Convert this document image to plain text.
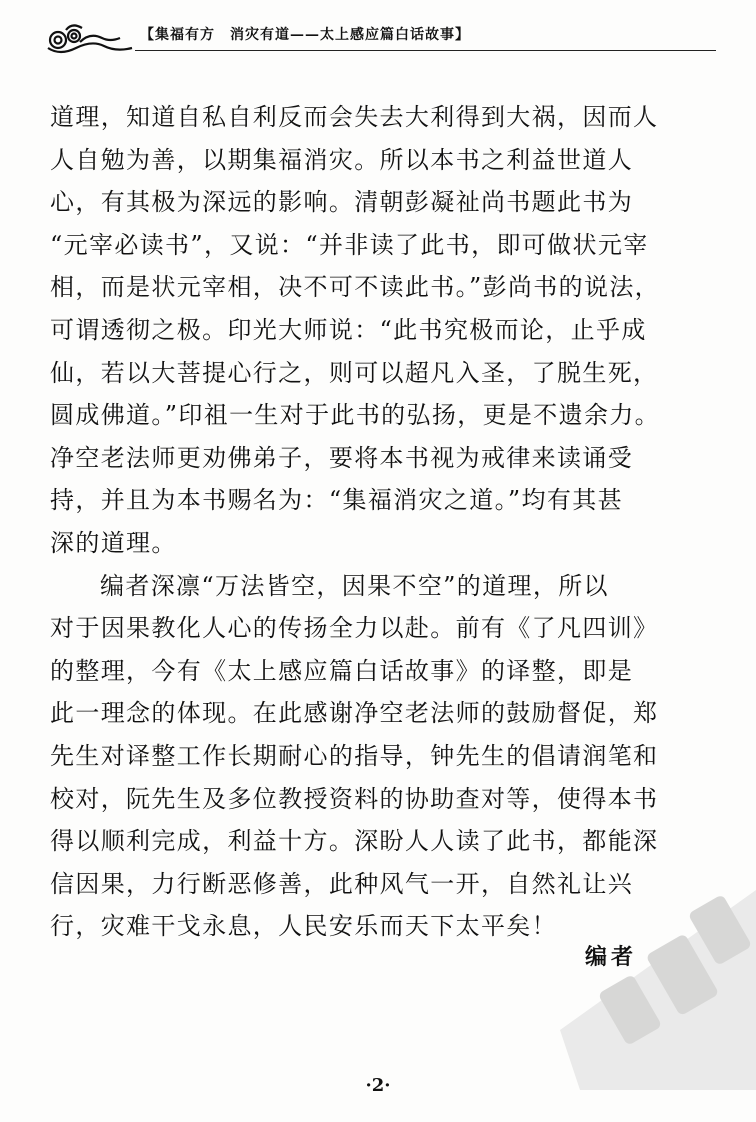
【集福有方　消灾有道——太上感应篇白话故事】
道理，知道自私自利反而会失去大利得到大祸，因而人
人自勉为善，以期集福消灾。所以本书之利益世道人
心，有其极为深远的影响。清朝彭凝祉尚书题此书为
“元宰必读书”，又说：“并非读了此书，即可做状元宰
相，而是状元宰相，决不可不读此书。”彭尚书的说法，
可谓透彻之极。印光大师说：“此书究极而论，止乎成
仙，若以大菩提心行之，则可以超凡入圣，了脱生死，
圆成佛道。”印祖一生对于此书的弘扬，更是不遗余力。
净空老法师更劝佛弟子，要将本书视为戒律来读诵受
持，并且为本书赐名为：“集福消灾之道。”均有其甚
深的道理。
编者深凛“万法皆空，因果不空”的道理，所以
对于因果教化人心的传扬全力以赴。前有《了凡四训》
的整理，今有《太上感应篇白话故事》的译整，即是
此一理念的体现。在此感谢净空老法师的鼓励督促，郑
先生对译整工作长期耐心的指导，钟先生的倡请润笔和
校对，阮先生及多位教授资料的协助查对等，使得本书
得以顺利完成，利益十方。深盼人人读了此书，都能深
信因果，力行断恶修善，此种风气一开，自然礼让兴
行，灾难干戈永息，人民安乐而天下太平矣！
编者
·2·
